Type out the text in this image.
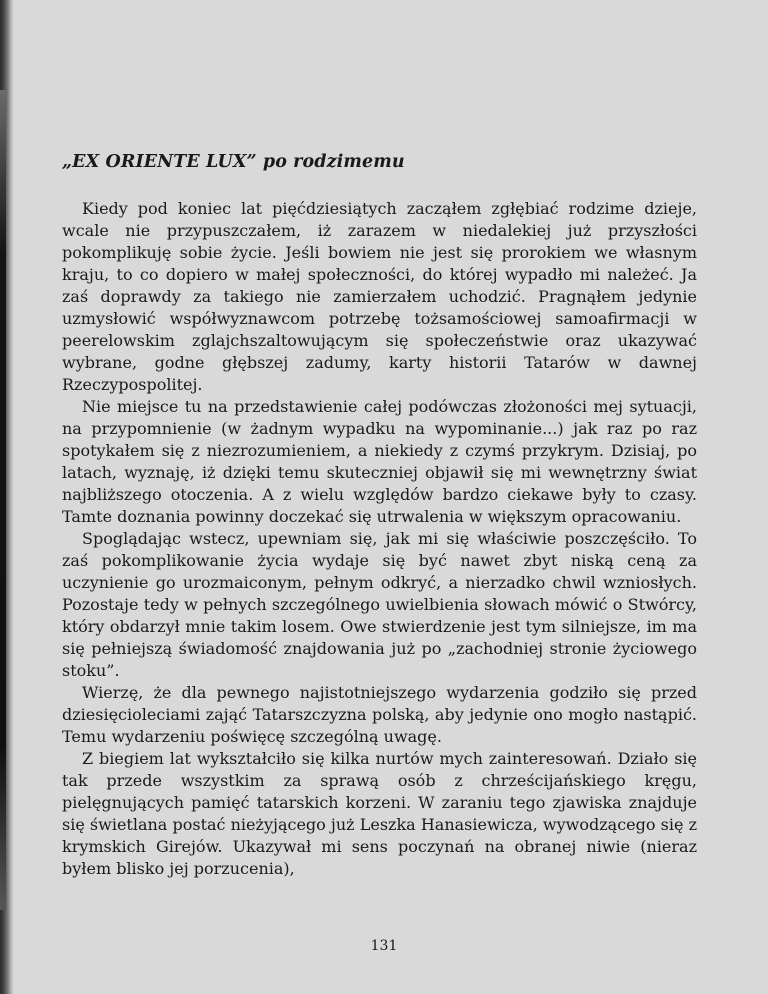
„EX ORIENTE LUX” po rodzimemu

Kiedy pod koniec lat pięćdziesiątych zacząłem zgłębiać rodzime dzieje, wcale nie przypuszczałem, iż zarazem w niedalekiej już przyszłości pokomplikuję sobie życie. Jeśli bowiem nie jest się prorokiem we własnym kraju, to co dopiero w małej społeczności, do której wypadło mi należeć. Ja zaś doprawdy za takiego nie zamierzałem uchodzić. Pragnąłem jedynie uzmysłowić współwyznawcom potrzebę tożsamościowej samoafirmacji w peerelowskim zglajchszaltowującym się społeczeństwie oraz ukazywać wybrane, godne głębszej zadumy, karty historii Tatarów w dawnej Rzeczypospolitej.

Nie miejsce tu na przedstawienie całej podówczas złożoności mej sytuacji, na przypomnienie (w żadnym wypadku na wypominanie...) jak raz po raz spotykałem się z niezrozumieniem, a niekiedy z czymś przykrym. Dzisiaj, po latach, wyznaję, iż dzięki temu skuteczniej objawił się mi wewnętrzny świat najbliższego otoczenia. A z wielu względów bardzo ciekawe były to czasy. Tamte doznania powinny doczekać się utrwalenia w większym opracowaniu.

Spoglądając wstecz, upewniam się, jak mi się właściwie poszczęściło. To zaś pokomplikowanie życia wydaje się być nawet zbyt niską ceną za uczynienie go urozmaiconym, pełnym odkryć, a nierzadko chwil wzniosłych. Pozostaje tedy w pełnych szczególnego uwielbienia słowach mówić o Stwórcy, który obdarzył mnie takim losem. Owe stwierdzenie jest tym silniejsze, im ma się pełniejszą świadomość znajdowania już po „zachodniej stronie życiowego stoku”.

Wierzę, że dla pewnego najistotniejszego wydarzenia godziło się przed dziesięcioleciami zająć Tatarszczyzna polską, aby jedynie ono mogło nastąpić. Temu wydarzeniu poświęcę szczególną uwagę.

Z biegiem lat wykształciło się kilka nurtów mych zainteresowań. Działo się tak przede wszystkim za sprawą osób z chrześcijańskiego kręgu, pielęgnujących pamięć tatarskich korzeni. W zaraniu tego zjawiska znajduje się świetlana postać nieżyjącego już Leszka Hanasiewicza, wywodzącego się z krymskich Girejów. Ukazywał mi sens poczynań na obranej niwie (nieraz byłem blisko jej porzucenia),

131
